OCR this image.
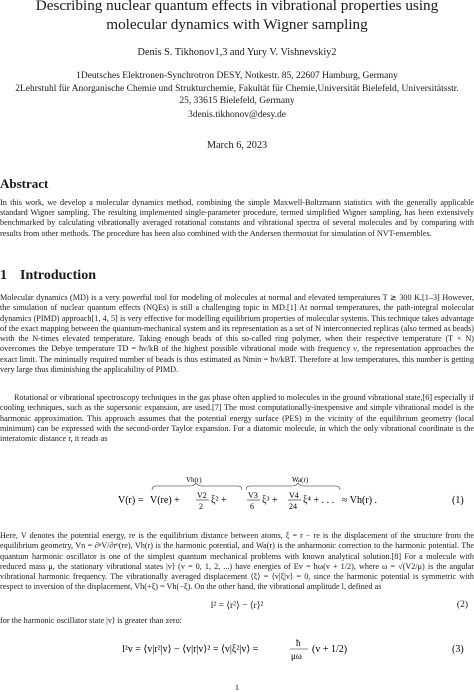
Describing nuclear quantum effects in vibrational properties using
molecular dynamics with Wigner sampling
Denis S. Tikhonov1,3 and Yury V. Vishnevskiy2
1Deutsches Elektronen-Synchrotron DESY, Notkestr. 85, 22607 Hamburg, Germany
2Lehrstuhl für Anorganische Chemie und Strukturchemie, Fakultät für Chemie,Universität Bielefeld, Universitätsstr. 25, 33615 Bielefeld, Germany
3denis.tikhonov@desy.de
March 6, 2023
Abstract

In this work, we develop a molecular dynamics method, combining the simple Maxwell-Boltzmann statistics with the generally applicable standard Wigner sampling. The resulting implemented single-parameter procedure, termed simplified Wigner sampling, has been extensively benchmarked by calculating vibrationally averaged rotational constants and vibrational spectra of several molecules and by comparing with results from other methods. The procedure has been also combined with the Andersen thermostat for simulation of NVT-ensembles.

1 Introduction

Molecular dynamics (MD) is a very powerful tool for modeling of molecules at normal and elevated temperatures T ≳ 300 K.[1–3] However, the simulation of nuclear quantum effects (NQEs) is still a challenging topic in MD.[1] At normal temperatures, the path-integral molecular dynamics (PIMD) approach[1, 4, 5] is very effective for modelling equilibrium properties of molecular systems. This technique takes advantage of the exact mapping between the quantum-mechanical system and its representation as a set of N interconnected replicas (also termed as beads) with the N-times elevated temperature. Taking enough beads of this so-called ring polymer, when their respective temperature (T × N) overcomes the Debye temperature TD = ħν/kB of the highest possible vibrational mode with frequency ν, the representation approaches the exact limit. The minimally required number of beads is thus estimated as Nmin = ħν/kBT. Therefore at low temperatures, this number is getting very large thus diminishing the applicability of PIMD.

Rotational or vibrational spectroscopy techniques in the gas phase often applied to molecules in the ground vibrational state,[6] especially if cooling techniques, such as the supersonic expansion, are used.[7] The most computationally-inexpensive and simple vibrational model is the harmonic approximation. This approach assumes that the potential energy surface (PES) in the vicinity of the equilibrium geometry (local minimum) can be expressed with the second-order Taylor expansion. For a diatomic molecule, in which the only vibrational coordinate is the interatomic distance r, it reads as

Vh(r)	Wa(r)
V(r) = V(re) + V2
2
ξ² +	V3
6
ξ³ + V4
24
ξ⁴ + . . . ≈ Vh(r) .	(1)

Here, V denotes the potential energy, re is the equilibrium distance between atoms, ξ = r − re is the displacement of the structure from the equilibrium geometry, Vn = ∂ⁿV/∂rⁿ(re), Vh(r) is the harmonic potential, and Wa(r) is the anharmonic correction to the harmonic potential. The quantum harmonic oscillator is one of the simplest quantum mechanical problems with known analytical solution.[8] For a molecule with reduced mass μ, the stationary vibrational states |v⟩ (v = 0, 1, 2, ...) have energies of Ev = ħω(v + 1/2), where ω = √(V2/μ) is the angular vibrational harmonic frequency. The vibrationally averaged displacement ⟨ξ⟩ = ⟨v|ξ|v⟩ = 0, since the harmonic potential is symmetric with respect to inversion of the displacement, Vh(+ξ) = Vh(−ξ). On the other hand, the vibrational amplitude l, defined as

l² = ⟨r²⟩ − ⟨r⟩²	(2)

for the harmonic oscillator state |v⟩ is greater than zero:

l²v = ⟨v|r²|v⟩ − ⟨v|r|v⟩² = ⟨v|ξ²|v⟩ =
ħ
μω
(v + 1/2)	(3)
1
